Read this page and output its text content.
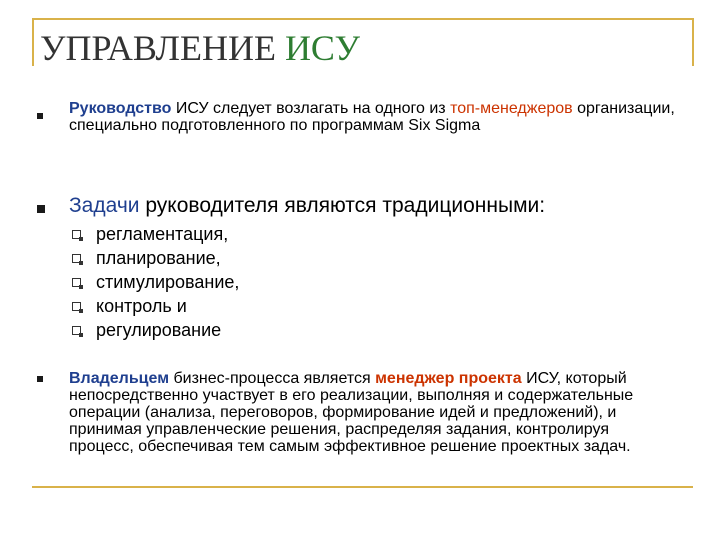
УПРАВЛЕНИЕ ИСУ

Руководство ИСУ следует возлагать на одного из топ-менеджеров организации, специально подготовленного по программам Six Sigma

Задачи руководителя являются традиционными:

регламентация,
планирование,
стимулирование,
контроль и
регулирование

Владельцем бизнес-процесса является менеджер проекта ИСУ, который непосредственно участвует в его реализации, выполняя и содержательные операции (анализа, переговоров, формирование идей и предложений), и принимая управленческие решения, распределяя задания, контролируя процесс, обеспечивая тем самым эффективное решение проектных задач.
